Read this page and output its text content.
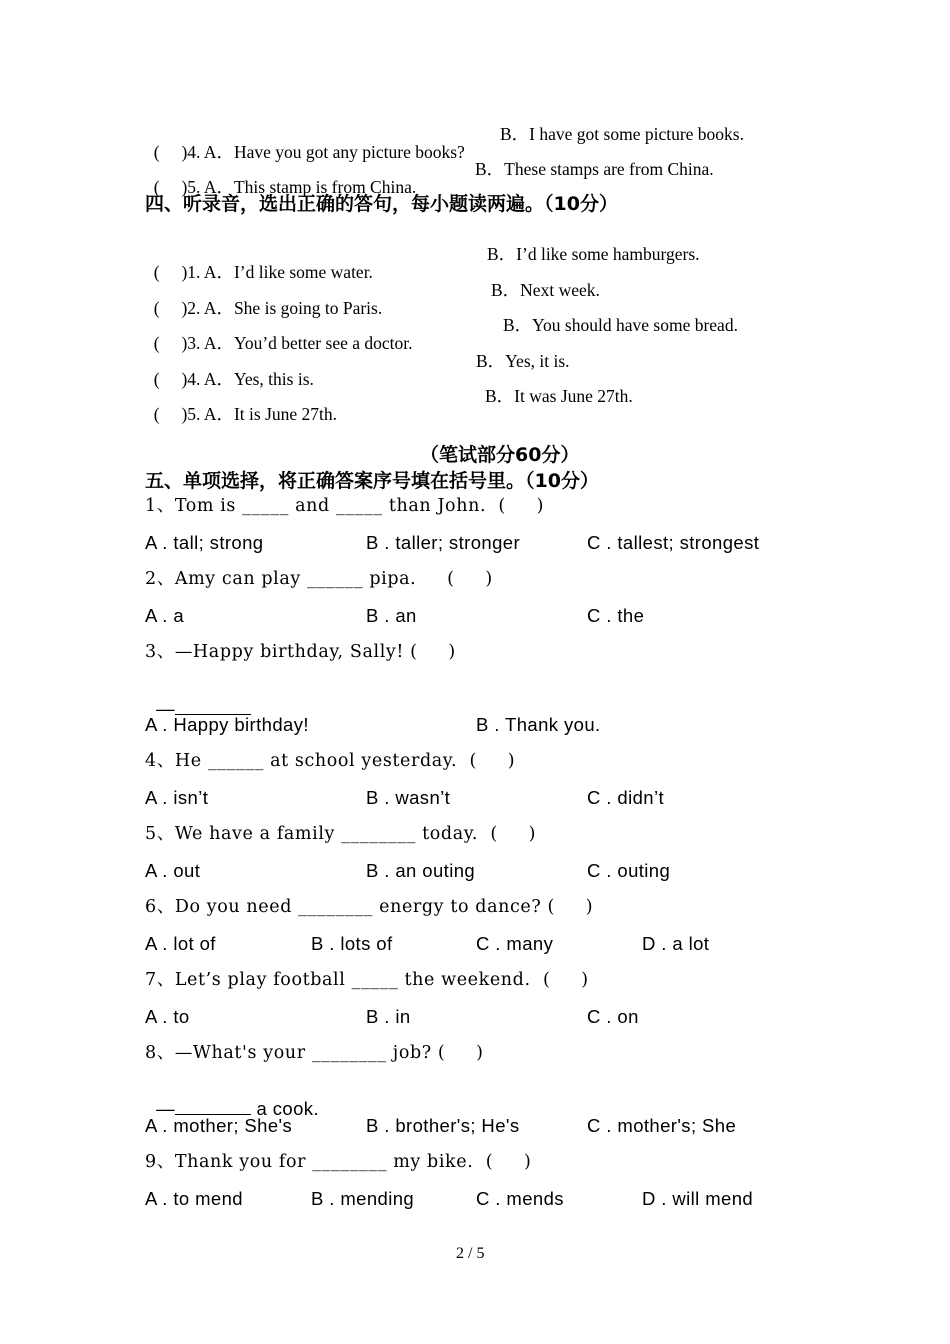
(     )4. A．Have you got any picture books?

B．I have got some picture books.

(     )5. A．This stamp is from China.

B．These stamps are from China.
四、听录音，选出正确的答句，每小题读两遍。（10分）

(     )1. A．I’d like some water.

B．I’d like some hamburgers.

(     )2. A．She is going to Paris.

B．Next week.

(     )3. A．You’d better see a doctor.

B．You should have some bread.

(     )4. A．Yes, this is.

B．Yes, it is.

(     )5. A．It is June 27th.

B．It was June 27th.
（笔试部分60分）
五、单项选择，将正确答案序号填在括号里。（10分）
1、Tom is _____ and _____ than John.  (     )
A . tall; strong	B . taller; stronger	C . tallest; strongest
2、Amy can play ______ pipa.     (     )
A . a	B . an	C . the
3、—Happy birthday, Sally! (     )

—

A . Happy birthday!	B . Thank you.
4、He ______ at school yesterday.  (     )
A . isn’t	B . wasn’t	C . didn’t
5、We have a family ________ today.  (     )
A . out	B . an outing	C . outing
6、Do you need ________ energy to dance? (     )
A . lot of	B . lots of	C . many	D . a lot
7、Let’s play football _____ the weekend.  (     )
A . to	B . in	C . on
8、—What's your ________ job? (     )

—	a cook.

A . mother; She's	B . brother's; He's	C . mother's; She
9、Thank you for ________ my bike.  (     )
A . to mend	B . mending	C . mends	D . will mend
2 / 5
